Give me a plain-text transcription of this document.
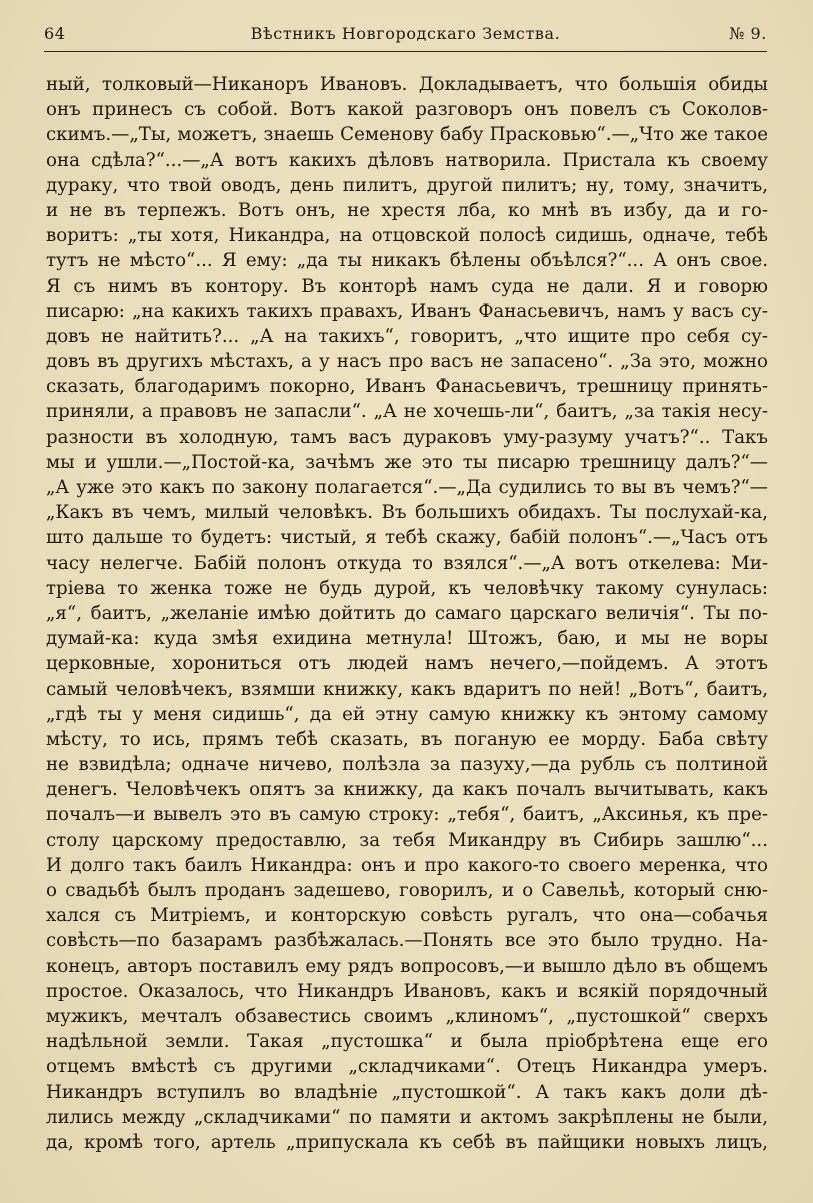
64	Вѣстникъ Новгородскаго Земства.	№ 9.
ный, толковый—Никаноръ Ивановъ. Докладываетъ, что большія обиды
онъ принесъ съ собой. Вотъ какой разговоръ онъ повелъ съ Соколов-
скимъ.—„Ты, можетъ, знаешь Семенову бабу Прасковью“.—„Что же такое
она сдѣла?“...—„А вотъ какихъ дѣловъ натворила. Пристала къ своему
дураку, что твой оводъ, день пилитъ, другой пилитъ; ну, тому, значитъ,
и не въ терпежъ. Вотъ онъ, не хрестя лба, ко мнѣ въ избу, да и го-
воритъ: „ты хотя, Никандра, на отцовской полосѣ сидишь, одначе, тебѣ
тутъ не мѣсто“... Я ему: „да ты никакъ бѣлены объѣлся?“... А онъ свое.
Я съ нимъ въ контору. Въ конторѣ намъ суда не дали. Я и говорю
писарю: „на какихъ такихъ правахъ, Иванъ Фанасьевичъ, намъ у васъ су-
довъ не найтить?... „А на такихъ“, говоритъ, „что ищите про себя су-
довъ въ другихъ мѣстахъ, а у насъ про васъ не запасено“. „За это, можно
сказать, благодаримъ покорно, Иванъ Фанасьевичъ, трешницу принять-
приняли, а правовъ не запасли“. „А не хочешь-ли“, баитъ, „за такія несу-
разности въ холодную, тамъ васъ дураковъ уму-разуму учатъ?“.. Такъ
мы и ушли.—„Постой-ка, зачѣмъ же это ты писарю трешницу далъ?“—
„А уже это какъ по закону полагается“.—„Да судились то вы въ чемъ?“—
„Какъ въ чемъ, милый человѣкъ. Въ большихъ обидахъ. Ты послухай-ка,
што дальше то будетъ: чистый, я тебѣ скажу, бабій полонъ“.—„Часъ отъ
часу нелегче. Бабій полонъ откуда то взялся“.—„А вотъ откелева: Ми-
тріева то женка тоже не будь дурой, къ человѣчку такому сунулась:
„я“, баитъ, „желаніе имѣю дойтить до самаго царскаго величія“. Ты по-
думай-ка: куда змѣя ехидина метнула! Штожъ, баю, и мы не воры
церковные, хорониться отъ людей намъ нечего,—пойдемъ. А этотъ
самый человѣчекъ, взямши книжку, какъ вдаритъ по ней! „Вотъ“, баитъ,
„гдѣ ты у меня сидишь“, да ей этну самую книжку къ энтому самому
мѣсту, то ись, прямъ тебѣ сказать, въ поганую ее морду. Баба свѣту
не взвидѣла; одначе ничево, полѣзла за пазуху,—да рубль съ полтиной
денегъ. Человѣчекъ опятъ за книжку, да какъ почалъ вычитывать, какъ
почалъ—и вывелъ это въ самую строку: „тебя“, баитъ, „Аксинья, къ пре-
столу царскому предоставлю, за тебя Микандру въ Сибирь зашлю“...
И долго такъ баилъ Никандра: онъ и про какого-то своего меренка, что
о свадьбѣ былъ проданъ задешево, говорилъ, и о Савельѣ, который сню-
хался съ Митріемъ, и конторскую совѣсть ругалъ, что она—собачья
совѣсть—по базарамъ разбѣжалась.—Понять все это было трудно. На-
конецъ, авторъ поставилъ ему рядъ вопросовъ,—и вышло дѣло въ общемъ
простое. Оказалось, что Никандръ Ивановъ, какъ и всякій порядочный
мужикъ, мечталъ обзавестись своимъ „клиномъ“, „пустошкой“ сверхъ
надѣльной земли. Такая „пустошка“ и была пріобрѣтена еще его
отцемъ вмѣстѣ съ другими „складчиками“. Отецъ Никандра умеръ.
Никандръ вступилъ во владѣніе „пустошкой“. А такъ какъ доли дѣ-
лились между „складчиками“ по памяти и актомъ закрѣплены не были,
да, кромѣ того, артель „припускала къ себѣ въ пайщики новыхъ лицъ,
